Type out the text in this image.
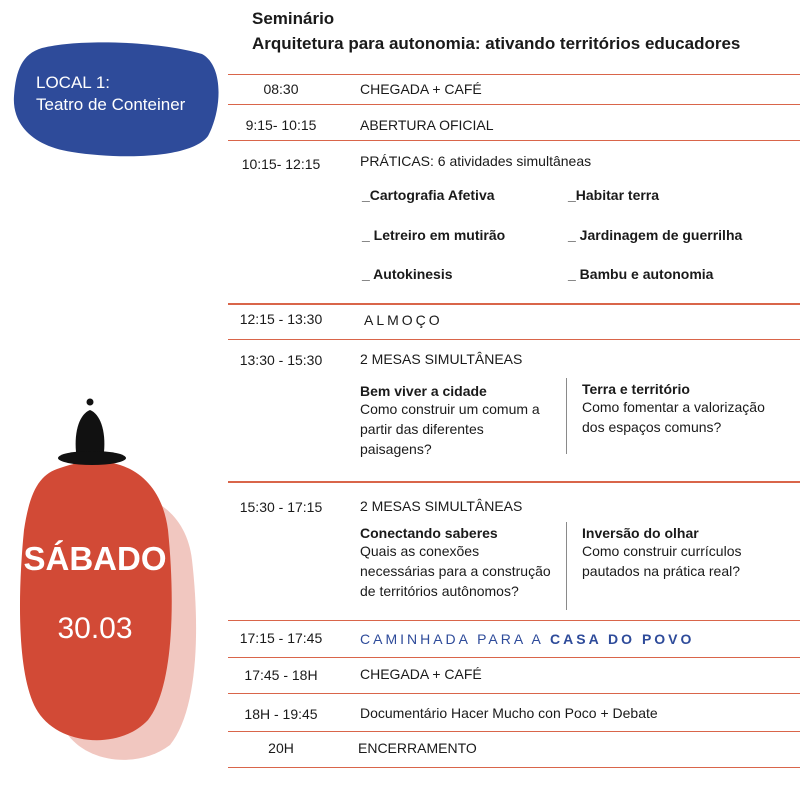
Seminário
Arquitetura para autonomia: ativando territórios educadores
LOCAL 1:
Teatro de Conteiner
SÁBADO
30.03
08:30	CHEGADA + CAFÉ
9:15- 10:15	ABERTURA OFICIAL
10:15- 12:15	PRÁTICAS: 6 atividades simultâneas
_Cartografia Afetiva	_Habitar terra
_ Letreiro em mutirão	_ Jardinagem de guerrilha
_ Autokinesis	_ Bambu e autonomia
12:15 - 13:30	ALMOÇO
13:30 - 15:30	2 MESAS SIMULTÂNEAS
Bem viver a cidade
Como construir um comum a
partir das diferentes
paisagens?
Terra e território
Como fomentar a valorização
dos espaços comuns?
15:30 - 17:15	2 MESAS SIMULTÂNEAS
Conectando saberes
Quais as conexões
necessárias para a construção
de territórios autônomos?
Inversão do olhar
Como construir currículos
pautados na prática real?
17:15 - 17:45	CAMINHADA PARA A CASA DO POVO
17:45 - 18H	CHEGADA + CAFÉ
18H - 19:45	Documentário Hacer Mucho con Poco + Debate
20H	ENCERRAMENTO
